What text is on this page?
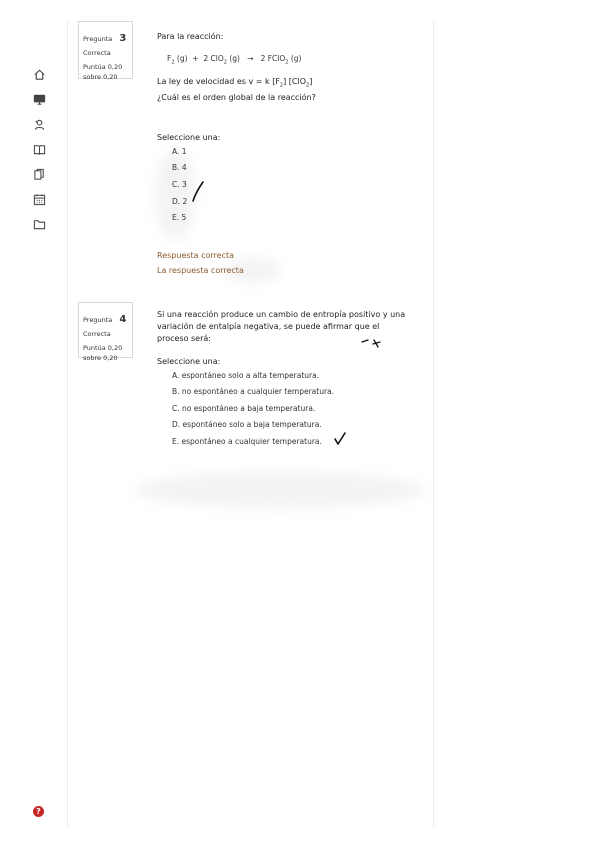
?
Pregunta 3
Correcta
Puntúa 0,20
sobre 0,20
Para la reacción:
$F_2$ (g) + 2 ClO$_2$ (g) → 2 FClO$_2$ (g)
La ley de velocidad es v = k $[F_2]$ [ClO$_2$]
¿Cuál es el orden global de la reacción?
Seleccione una:
A. 1
B. 4
C. 3
D. 2
E. 5
Respuesta correcta
La respuesta correcta
Pregunta 4
Correcta
Puntúa 0,20
sobre 0,20
Si una reacción produce un cambio de entropía positivo y una
variación de entalpía negativa, se puede afirmar que el
proceso será:
Seleccione una:
A. espontáneo solo a alta temperatura.
B. no espontáneo a cualquier temperatura.
C. no espontáneo a baja temperatura.
D. espontáneo solo a baja temperatura.
E. espontáneo a cualquier temperatura.
